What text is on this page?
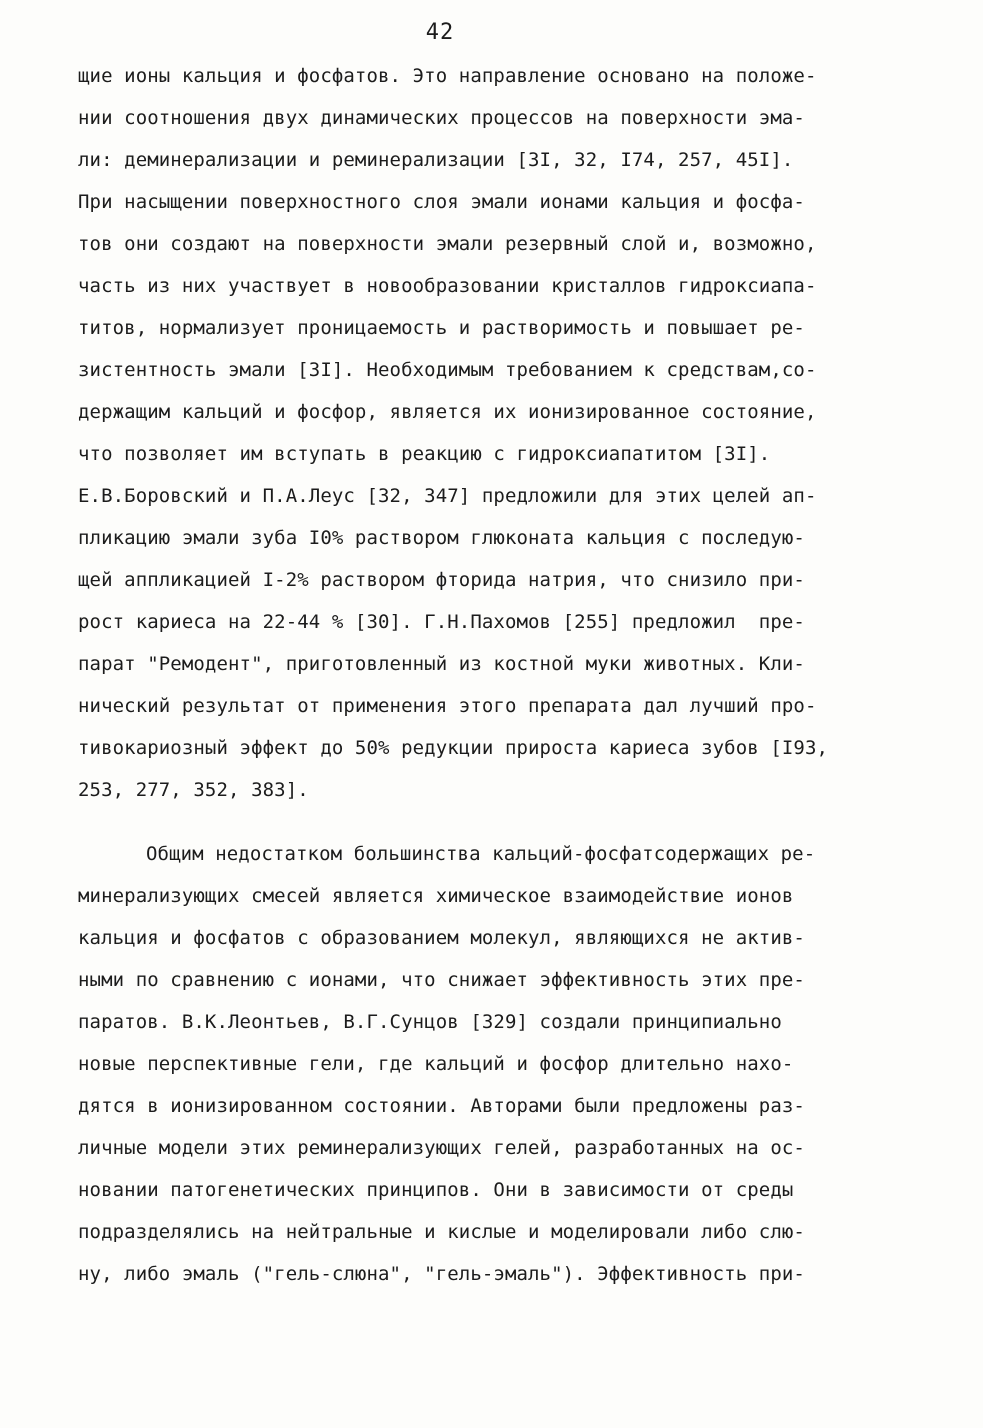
42
щие ионы кальция и фосфатов. Это направление основано на положе-
нии соотношения двух динамических процессов на поверхности эма-
ли: деминерализации и реминерализации [3I, 32, I74, 257, 45I].
При насыщении поверхностного слоя эмали ионами кальция и фосфа-
тов они создают на поверхности эмали резервный слой и, возможно,
часть из них участвует в новообразовании кристаллов гидроксиапа-
титов, нормализует проницаемость и растворимость и повышает ре-
зистентность эмали [3I]. Необходимым требованием к средствам,со-
держащим кальций и фосфор, является их ионизированное состояние,
что позволяет им вступать в реакцию с гидроксиапатитом [3I].
Е.В.Боровский и П.А.Леус [32, 347] предложили для этих целей ап-
пликацию эмали зуба I0% раствором глюконата кальция с последую-
щей аппликацией I-2% раствором фторида натрия, что снизило при-
рост кариеса на 22-44 % [30]. Г.Н.Пахомов [255] предложил  пре-
парат "Ремодент", приготовленный из костной муки животных. Кли-
нический результат от применения этого препарата дал лучший про-
тивокариозный эффект до 50% редукции прироста кариеса зубов [I93,
253, 277, 352, 383].
Общим недостатком большинства кальций-фосфатсодержащих ре-
минерализующих смесей является химическое взаимодействие ионов
кальция и фосфатов с образованием молекул, являющихся не актив-
ными по сравнению с ионами, что снижает эффективность этих пре-
паратов. В.К.Леонтьев, В.Г.Сунцов [329] создали принципиально
новые перспективные гели, где кальций и фосфор длительно нахо-
дятся в ионизированном состоянии. Авторами были предложены раз-
личные модели этих реминерализующих гелей, разработанных на ос-
новании патогенетических принципов. Они в зависимости от среды
подразделялись на нейтральные и кислые и моделировали либо слю-
ну, либо эмаль ("гель-слюна", "гель-эмаль"). Эффективность при-
